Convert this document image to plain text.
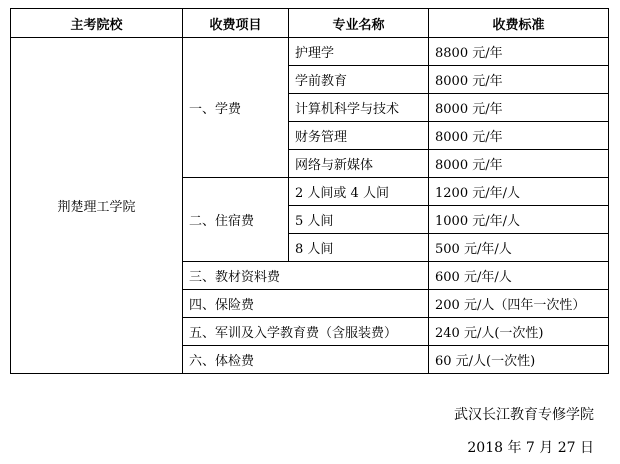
主考院校	收费项目	专业名称	收费标准
荆楚理工学院	一、学费	护理学	8800 元/年
		学前教育	8000 元/年
		计算机科学与技术	8000 元/年
		财务管理	8000 元/年
		网络与新媒体	8000 元/年
	二、住宿费	2 人间或 4 人间	1200 元/年/人
		5 人间	1000 元/年/人
		8 人间	500 元/年/人
	三、教材资料费		600 元/年/人
	四、保险费		200 元/人（四年一次性）
	五、军训及入学教育费（含服装费）		240 元/人(一次性)
	六、体检费		60 元/人(一次性)
武汉长江教育专修学院
2018 年 7 月 27 日
